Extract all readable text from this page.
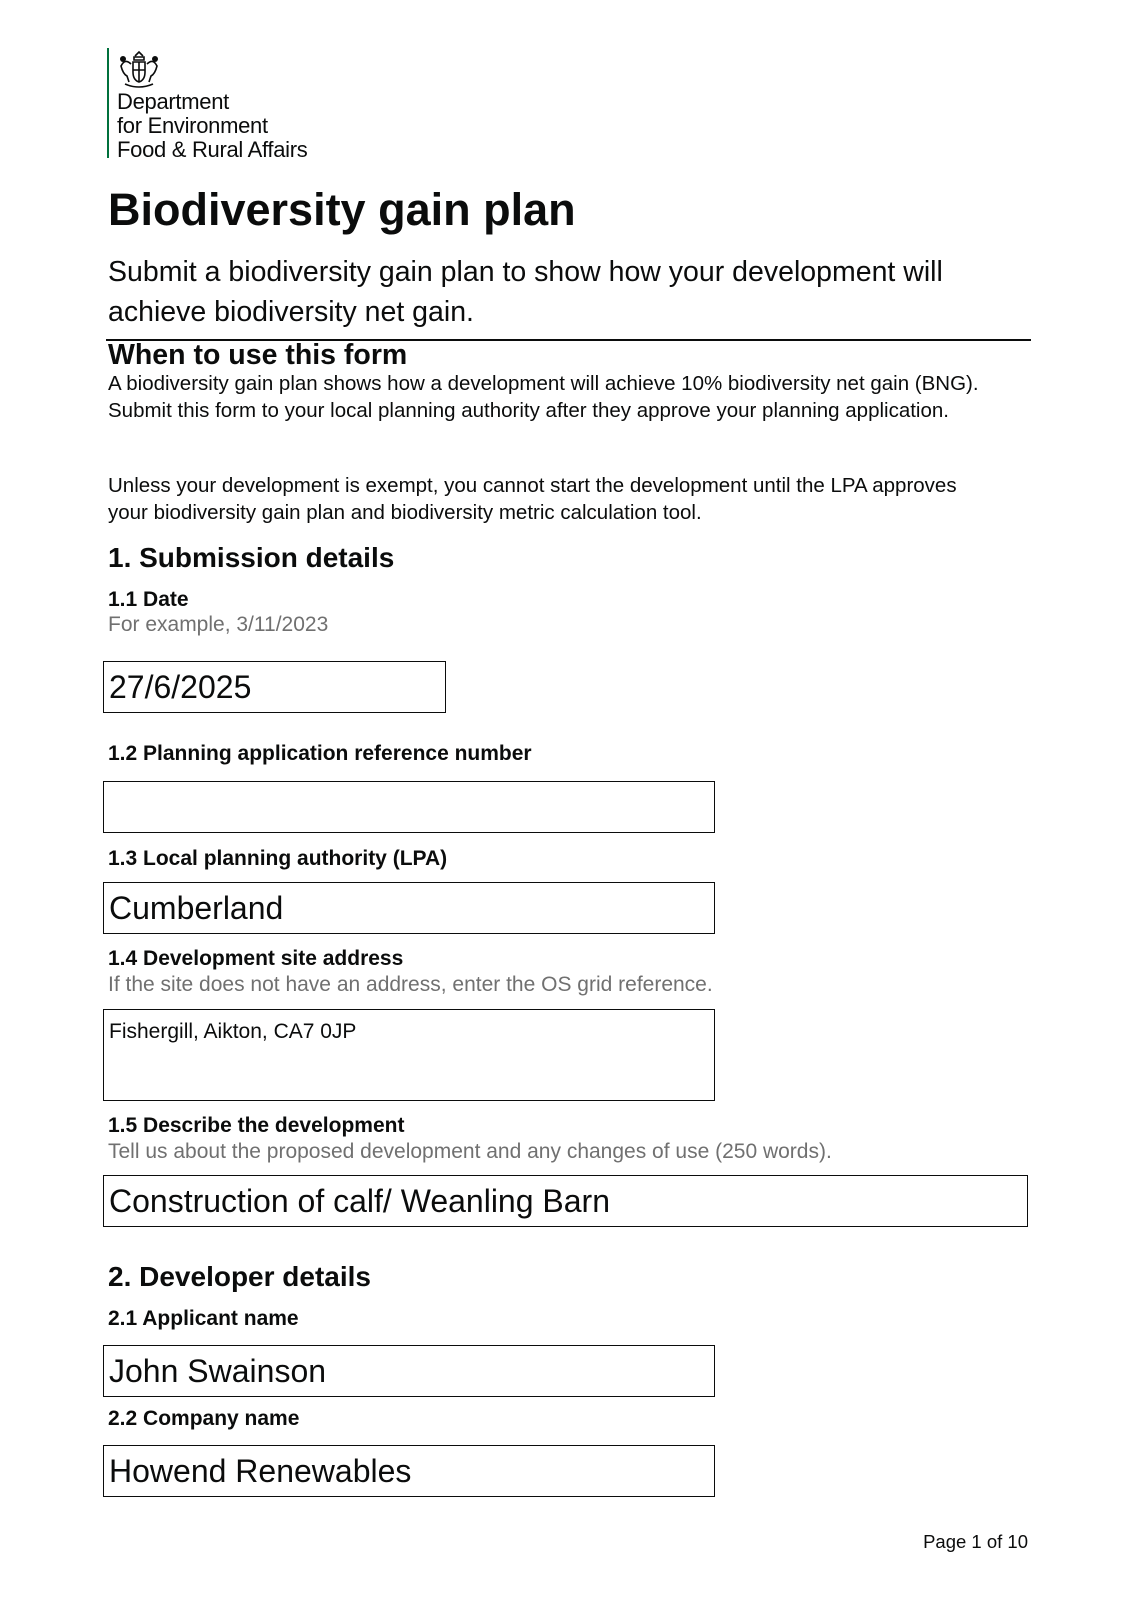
Department
for Environment
Food & Rural Affairs
Biodiversity gain plan
Submit a biodiversity gain plan to show how your development will achieve biodiversity net gain.
When to use this form
A biodiversity gain plan shows how a development will achieve 10% biodiversity net gain (BNG). Submit this form to your local planning authority after they approve your planning application.
Unless your development is exempt, you cannot start the development until the LPA approves your biodiversity gain plan and biodiversity metric calculation tool.
1. Submission details
1.1 Date
For example, 3/11/2023
27/6/2025
1.2 Planning application reference number
1.3 Local planning authority (LPA)
Cumberland
1.4 Development site address
If the site does not have an address, enter the OS grid reference.
Fishergill, Aikton, CA7 0JP
1.5 Describe the development
Tell us about the proposed development and any changes of use (250 words).
Construction of calf/ Weanling Barn
2. Developer details
2.1 Applicant name
John Swainson
2.2 Company name
Howend Renewables
Page 1 of 10
